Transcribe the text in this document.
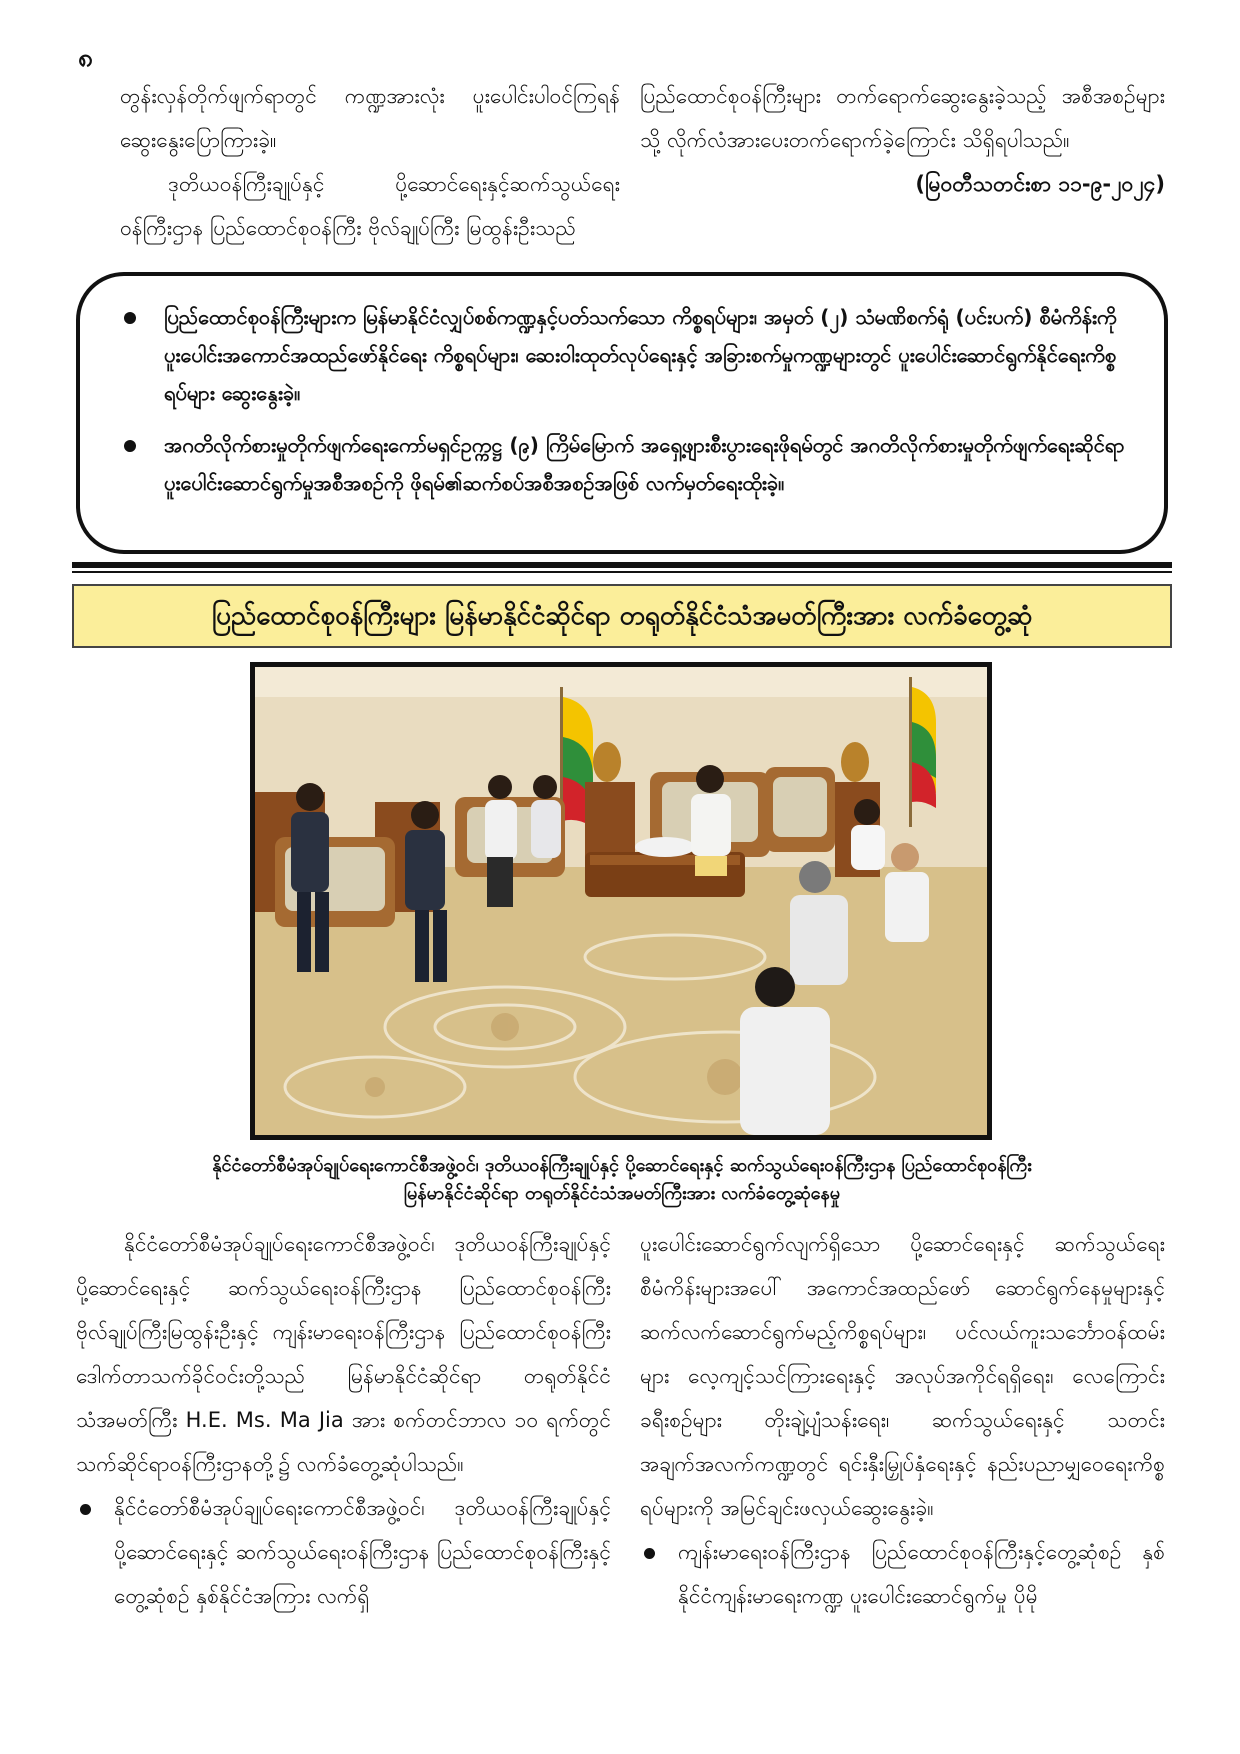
၈

တွန်းလှန်တိုက်ဖျက်ရာတွင် ကဏ္ဍအားလုံး ပူးပေါင်းပါဝင်ကြရန် ဆွေးနွေးပြောကြားခဲ့။

ဒုတိယဝန်ကြီးချုပ်နှင့် ပို့ဆောင်ရေးနှင့်ဆက်သွယ်ရေးဝန်ကြီးဌာန ပြည်ထောင်စုဝန်ကြီး ဗိုလ်ချုပ်ကြီး မြထွန်းဦးသည်

ပြည်ထောင်စုဝန်ကြီးများ တက်ရောက်ဆွေးနွေးခဲ့သည့် အစီအစဉ်များသို့ လိုက်လံအားပေးတက်ရောက်ခဲ့ကြောင်း သိရှိရပါသည်။

(မြဝတီသတင်းစာ ၁၁-၉-၂၀၂၄)

ပြည်ထောင်စုဝန်ကြီးများက မြန်မာနိုင်ငံလျှပ်စစ်ကဏ္ဍနှင့်ပတ်သက်သော ကိစ္စရပ်များ၊ အမှတ် (၂) သံမဏိစက်ရုံ (ပင်းပက်) စီမံကိန်းကို ပူးပေါင်းအကောင်အထည်ဖော်နိုင်ရေး ကိစ္စရပ်များ၊ ဆေးဝါးထုတ်လုပ်ရေးနှင့် အခြားစက်မှုကဏ္ဍများတွင် ပူးပေါင်းဆောင်ရွက်နိုင်ရေးကိစ္စရပ်များ ဆွေးနွေးခဲ့။
အဂတိလိုက်စားမှုတိုက်ဖျက်ရေးကော်မရှင်ဥက္ကဋ္ဌ (၉) ကြိမ်မြောက် အရှေ့ဖျားစီးပွားရေးဖိုရမ်တွင် အဂတိလိုက်စားမှုတိုက်ဖျက်ရေးဆိုင်ရာ ပူးပေါင်းဆောင်ရွက်မှုအစီအစဉ်ကို ဖိုရမ်၏ဆက်စပ်အစီအစဉ်အဖြစ် လက်မှတ်ရေးထိုးခဲ့။
ပြည်ထောင်စုဝန်ကြီးများ မြန်မာနိုင်ငံဆိုင်ရာ တရုတ်နိုင်ငံသံအမတ်ကြီးအား လက်ခံတွေ့ဆုံ
နိုင်ငံတော်စီမံအုပ်ချုပ်ရေးကောင်စီအဖွဲ့ဝင်၊ ဒုတိယဝန်ကြီးချုပ်နှင့် ပို့ဆောင်ရေးနှင့် ဆက်သွယ်ရေးဝန်ကြီးဌာန ပြည်ထောင်စုဝန်ကြီး
မြန်မာနိုင်ငံဆိုင်ရာ တရုတ်နိုင်ငံသံအမတ်ကြီးအား လက်ခံတွေ့ဆုံနေမှု

နိုင်ငံတော်စီမံအုပ်ချုပ်ရေးကောင်စီအဖွဲ့ဝင်၊ ဒုတိယဝန်ကြီးချုပ်နှင့် ပို့ဆောင်ရေးနှင့် ဆက်သွယ်ရေးဝန်ကြီးဌာန ပြည်ထောင်စုဝန်ကြီး ဗိုလ်ချုပ်ကြီးမြထွန်းဦးနှင့် ကျန်းမာရေးဝန်ကြီးဌာန ပြည်ထောင်စုဝန်ကြီး ဒေါက်တာသက်ခိုင်ဝင်းတို့သည် မြန်မာနိုင်ငံဆိုင်ရာ တရုတ်နိုင်ငံသံအမတ်ကြီး H.E. Ms. Ma Jia အား စက်တင်ဘာလ ၁၀ ရက်တွင် သက်ဆိုင်ရာဝန်ကြီးဌာနတို့၌ လက်ခံတွေ့ဆုံပါသည်။

နိုင်ငံတော်စီမံအုပ်ချုပ်ရေးကောင်စီအဖွဲ့ဝင်၊ ဒုတိယဝန်ကြီးချုပ်နှင့် ပို့ဆောင်ရေးနှင့် ဆက်သွယ်ရေးဝန်ကြီးဌာန ပြည်ထောင်စုဝန်ကြီးနှင့်တွေ့ဆုံစဉ် နှစ်နိုင်ငံအကြား လက်ရှိ

ပူးပေါင်းဆောင်ရွက်လျက်ရှိသော ပို့ဆောင်ရေးနှင့် ဆက်သွယ်ရေးစီမံကိန်းများအပေါ် အကောင်အထည်ဖော် ဆောင်ရွက်နေမှုများနှင့် ဆက်လက်ဆောင်ရွက်မည့်ကိစ္စရပ်များ၊ ပင်လယ်ကူးသင်္ဘောဝန်ထမ်းများ လေ့ကျင့်သင်ကြားရေးနှင့် အလုပ်အကိုင်ရရှိရေး၊ လေကြောင်းခရီးစဉ်များ တိုးချဲ့ပျံသန်းရေး၊ ဆက်သွယ်ရေးနှင့် သတင်းအချက်အလက်ကဏ္ဍတွင် ရင်းနှီးမြှုပ်နှံရေးနှင့် နည်းပညာမျှဝေရေးကိစ္စရပ်များကို အမြင်ချင်းဖလှယ်ဆွေးနွေးခဲ့။

ကျန်းမာရေးဝန်ကြီးဌာန ပြည်ထောင်စုဝန်ကြီးနှင့်တွေ့ဆုံစဉ် နှစ်နိုင်ငံကျန်းမာရေးကဏ္ဍ ပူးပေါင်းဆောင်ရွက်မှု ပိုမို
